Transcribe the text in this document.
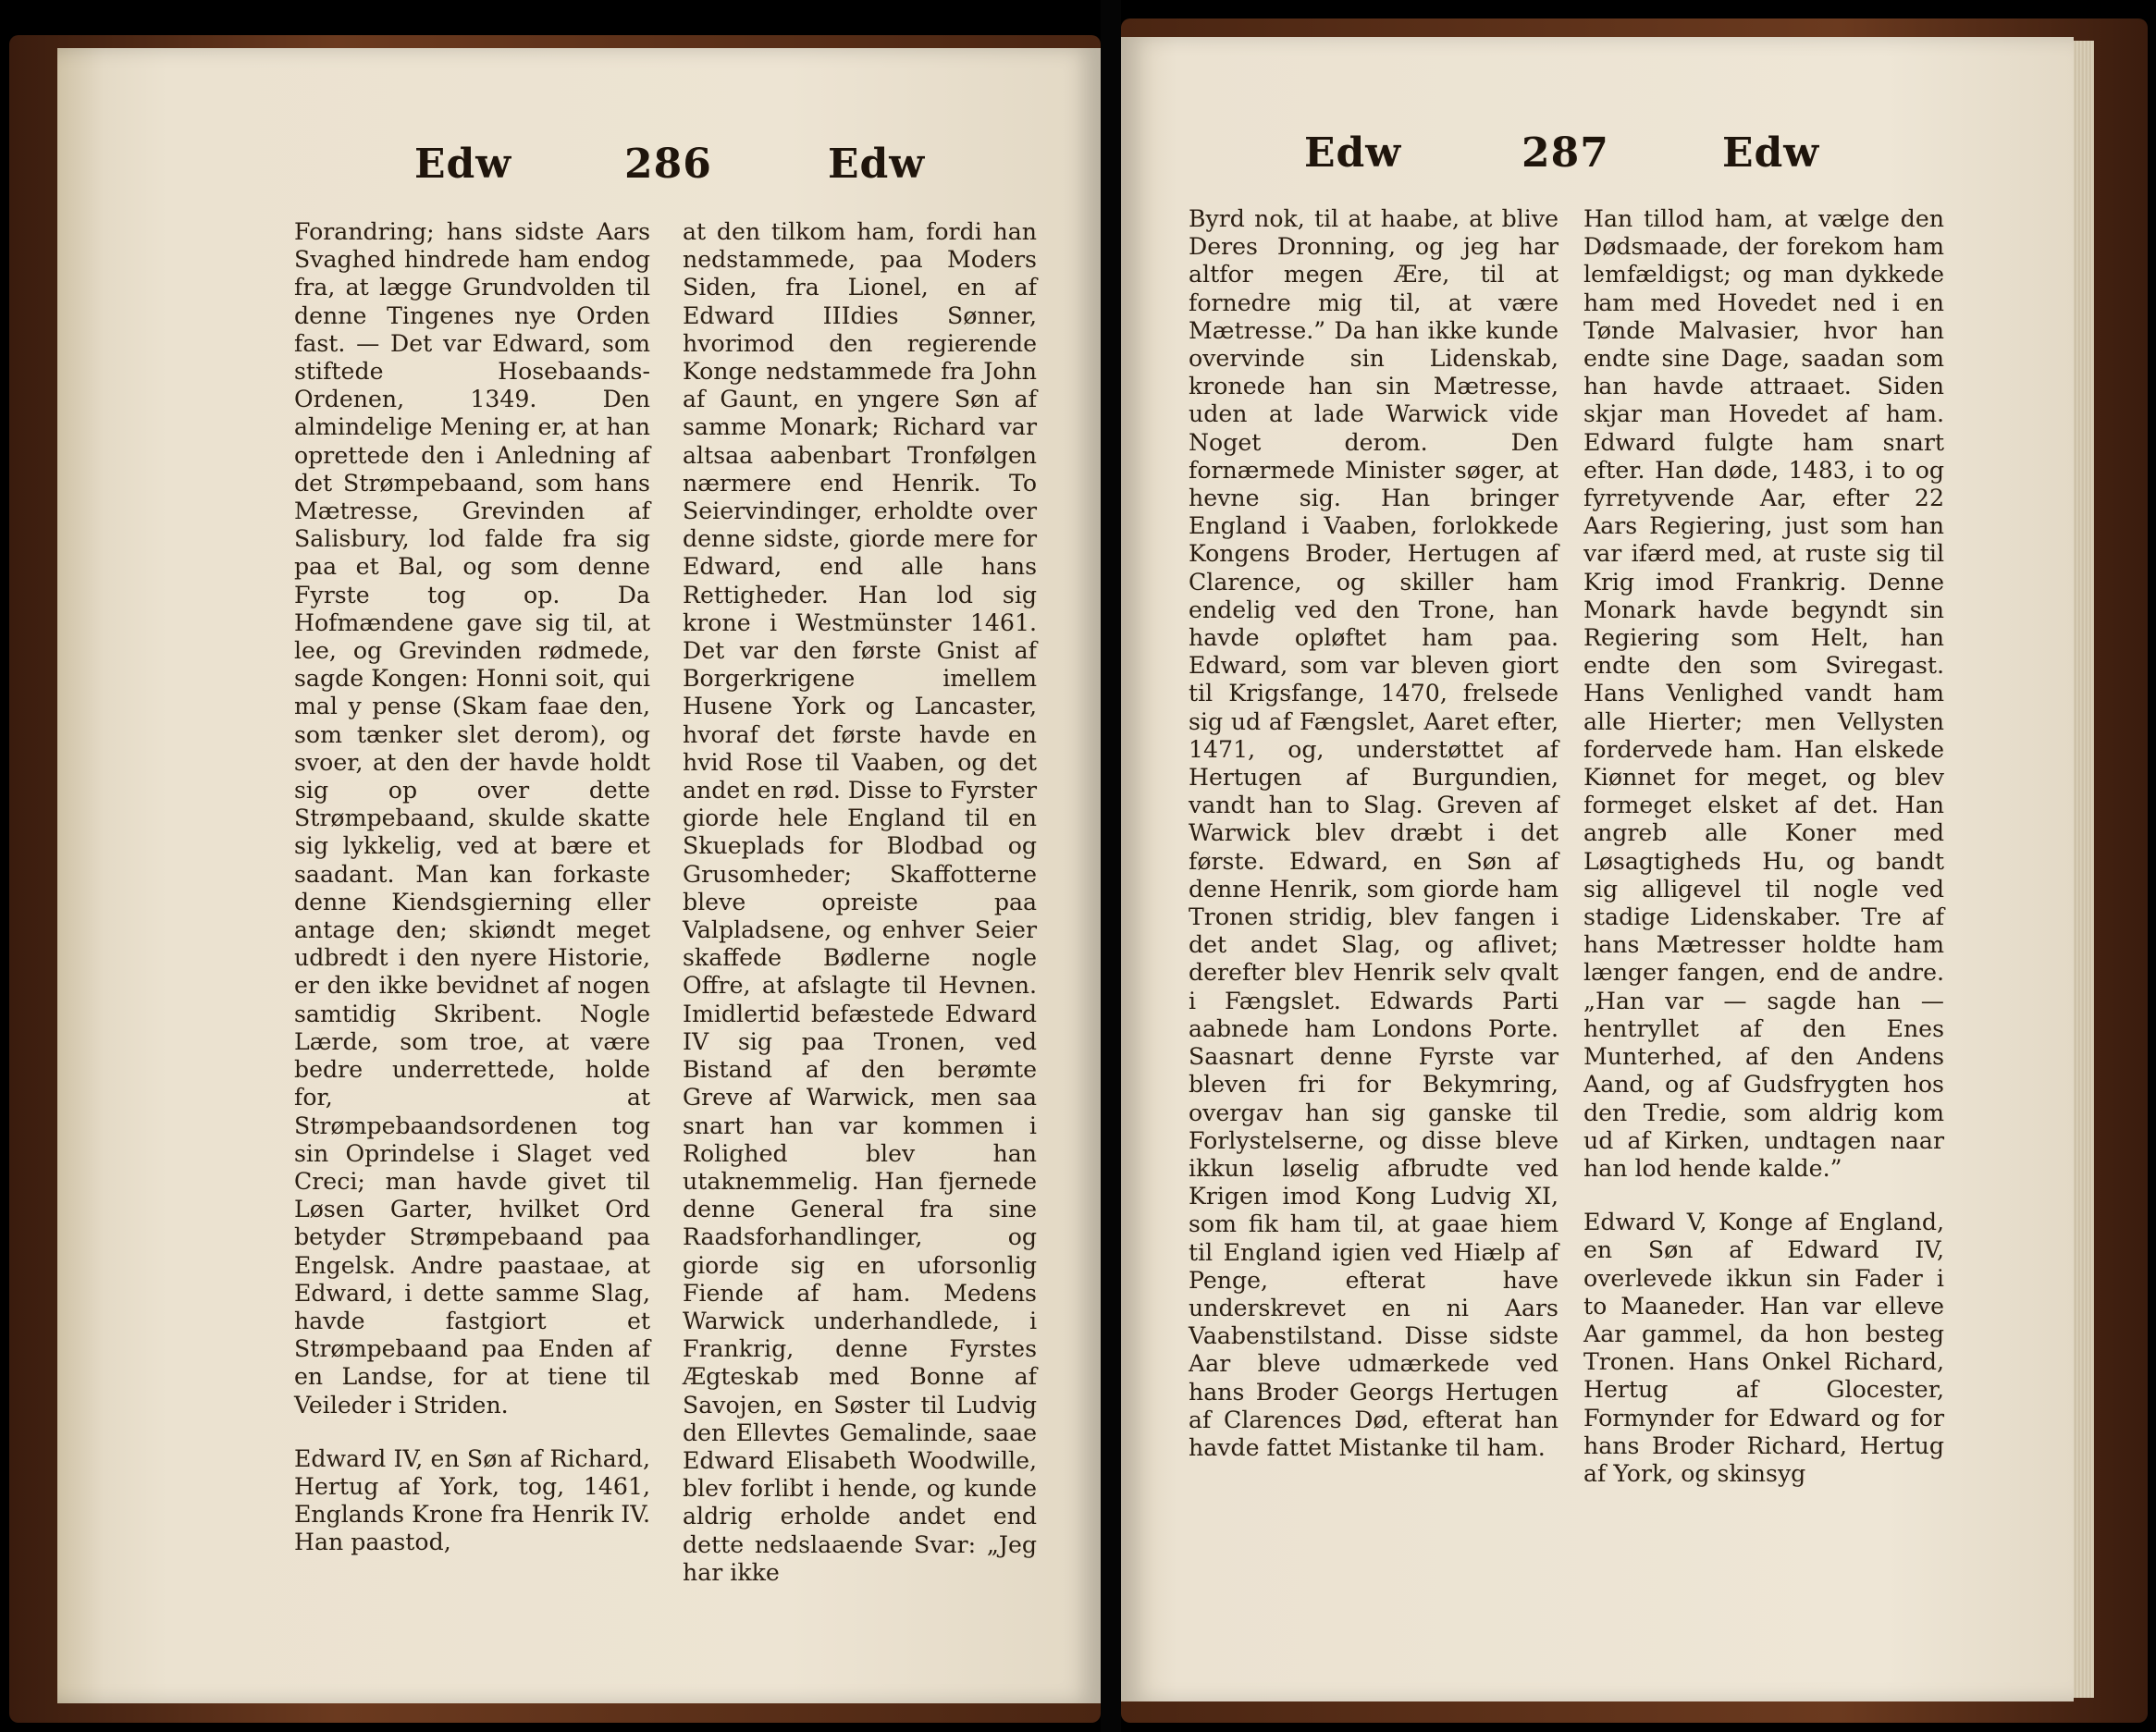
Edw	286	Edw

Forandring; hans sidste Aars Svaghed hindrede ham endog fra, at lægge Grundvolden til denne Tingenes nye Orden fast. — Det var Edward, som stiftede Hosebaands-Ordenen, 1349. Den almindelige Mening er, at han oprettede den i Anledning af det Strømpebaand, som hans Mætresse, Grevinden af Salisbury, lod falde fra sig paa et Bal, og som denne Fyrste tog op. Da Hofmændene gave sig til, at lee, og Grevinden rødmede, sagde Kongen: Honni soit, qui mal y pense (Skam faae den, som tænker slet derom), og svoer, at den der havde holdt sig op over dette Strømpebaand, skulde skatte sig lykkelig, ved at bære et saadant. Man kan forkaste denne Kiendsgierning eller antage den; skiøndt meget udbredt i den nyere Historie, er den ikke bevidnet af nogen samtidig Skribent. Nogle Lærde, som troe, at være bedre underrettede, holde for, at Strømpebaandsordenen tog sin Oprindelse i Slaget ved Creci; man havde givet til Løsen Garter, hvilket Ord betyder Strømpebaand paa Engelsk. Andre paastaae, at Edward, i dette samme Slag, havde fastgiort et Strømpebaand paa Enden af en Landse, for at tiene til Veileder i Striden.

Edward IV, en Søn af Richard, Hertug af York, tog, 1461, Englands Krone fra Henrik IV. Han paastod,

at den tilkom ham, fordi han nedstammede, paa Moders Siden, fra Lionel, en af Edward IIIdies Sønner, hvorimod den regierende Konge nedstammede fra John af Gaunt, en yngere Søn af samme Monark; Richard var altsaa aabenbart Tronfølgen nærmere end Henrik. To Seiervindinger, erholdte over denne sidste, giorde mere for Edward, end alle hans Rettigheder. Han lod sig krone i Westmünster 1461. Det var den første Gnist af Borgerkrigene imellem Husene York og Lancaster, hvoraf det første havde en hvid Rose til Vaaben, og det andet en rød. Disse to Fyrster giorde hele England til en Skueplads for Blodbad og Grusomheder; Skaffotterne bleve opreiste paa Valpladsene, og enhver Seier skaffede Bødlerne nogle Offre, at afslagte til Hevnen. Imidlertid befæstede Edward IV sig paa Tronen, ved Bistand af den berømte Greve af Warwick, men saa snart han var kommen i Rolighed blev han utaknemmelig. Han fjernede denne General fra sine Raadsforhandlinger, og giorde sig en uforsonlig Fiende af ham. Medens Warwick underhandlede, i Frankrig, denne Fyrstes Ægteskab med Bonne af Savojen, en Søster til Ludvig den Ellevtes Gemalinde, saae Edward Elisabeth Woodwille, blev forlibt i hende, og kunde aldrig erholde andet end dette nedslaaende Svar: „Jeg har ikke

Edw	287	Edw

Byrd nok, til at haabe, at blive Deres Dronning, og jeg har altfor megen Ære, til at fornedre mig til, at være Mætresse.” Da han ikke kunde overvinde sin Lidenskab, kronede han sin Mætresse, uden at lade Warwick vide Noget derom. Den fornærmede Minister søger, at hevne sig. Han bringer England i Vaaben, forlokkede Kongens Broder, Hertugen af Clarence, og skiller ham endelig ved den Trone, han havde opløftet ham paa. Edward, som var bleven giort til Krigsfange, 1470, frelsede sig ud af Fængslet, Aaret efter, 1471, og, understøttet af Hertugen af Burgundien, vandt han to Slag. Greven af Warwick blev dræbt i det første. Edward, en Søn af denne Henrik, som giorde ham Tronen stridig, blev fangen i det andet Slag, og aflivet; derefter blev Henrik selv qvalt i Fængslet. Edwards Parti aabnede ham Londons Porte. Saasnart denne Fyrste var bleven fri for Bekymring, overgav han sig ganske til Forlystelserne, og disse bleve ikkun løselig afbrudte ved Krigen imod Kong Ludvig XI, som fik ham til, at gaae hiem til England igien ved Hiælp af Penge, efterat have underskrevet en ni Aars Vaabenstilstand. Disse sidste Aar bleve udmærkede ved hans Broder Georgs Hertugen af Clarences Død, efterat han havde fattet Mistanke til ham.

Han tillod ham, at vælge den Dødsmaade, der forekom ham lemfældigst; og man dykkede ham med Hovedet ned i en Tønde Malvasier, hvor han endte sine Dage, saadan som han havde attraaet. Siden skjar man Hovedet af ham. Edward fulgte ham snart efter. Han døde, 1483, i to og fyrretyvende Aar, efter 22 Aars Regiering, just som han var ifærd med, at ruste sig til Krig imod Frankrig. Denne Monark havde begyndt sin Regiering som Helt, han endte den som Sviregast. Hans Venlighed vandt ham alle Hierter; men Vellysten fordervede ham. Han elskede Kiønnet for meget, og blev formeget elsket af det. Han angreb alle Koner med Løsagtigheds Hu, og bandt sig alligevel til nogle ved stadige Lidenskaber. Tre af hans Mætresser holdte ham længer fangen, end de andre. „Han var — sagde han — hentryllet af den Enes Munterhed, af den Andens Aand, og af Gudsfrygten hos den Tredie, som aldrig kom ud af Kirken, undtagen naar han lod hende kalde.”

Edward V, Konge af England, en Søn af Edward IV, overlevede ikkun sin Fader i to Maaneder. Han var elleve Aar gammel, da hon besteg Tronen. Hans Onkel Richard, Hertug af Glocester, Formynder for Edward og for hans Broder Richard, Hertug af York, og skinsyg
